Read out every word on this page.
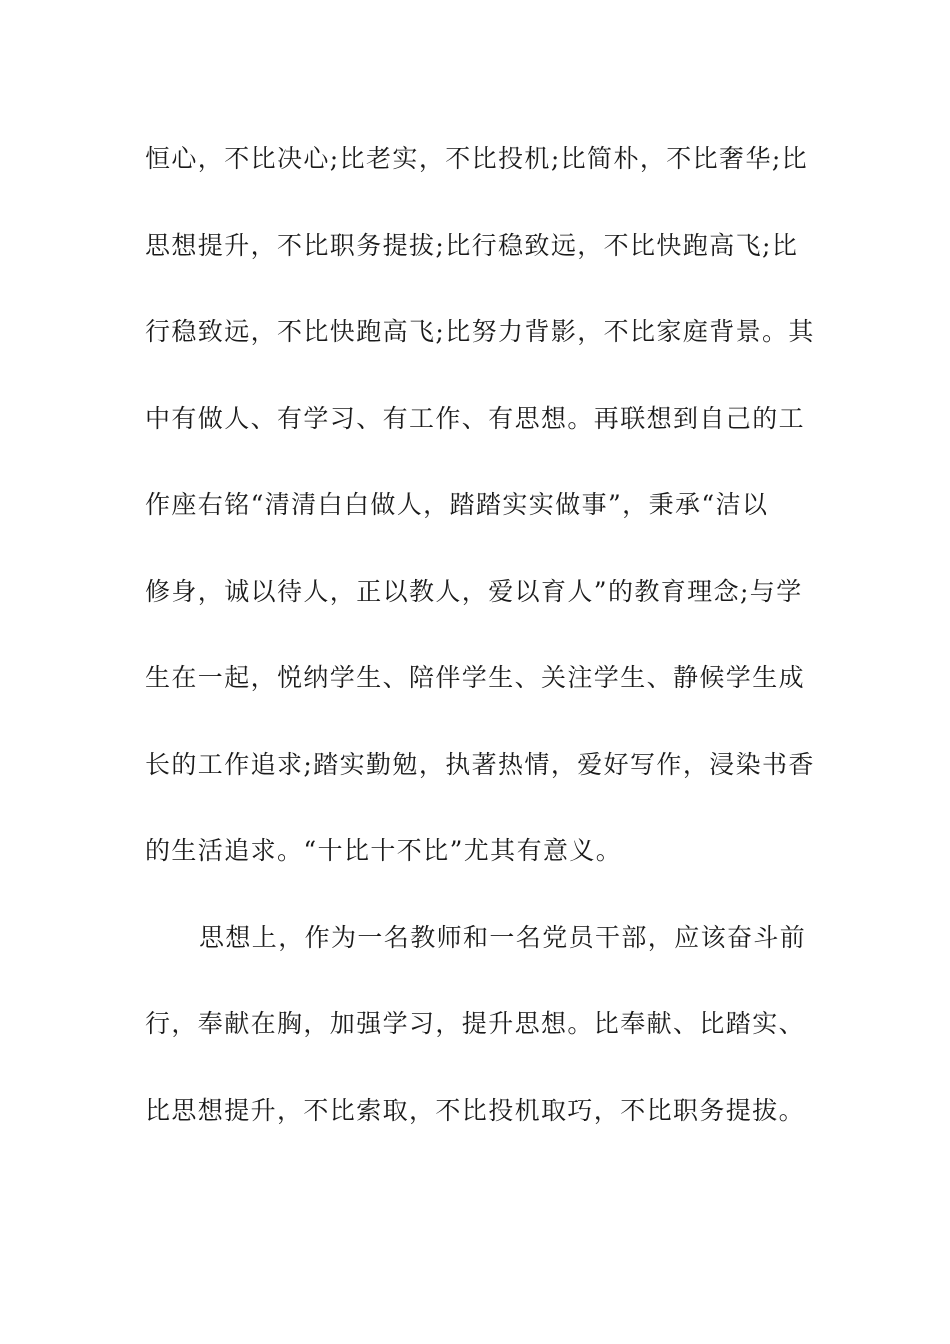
恒心，不比决心;比老实，不比投机;比简朴，不比奢华;比
思想提升，不比职务提拔;比行稳致远，不比快跑高飞;比
行稳致远，不比快跑高飞;比努力背影，不比家庭背景。其
中有做人、有学习、有工作、有思想。再联想到自己的工
作座右铭“清清白白做人，踏踏实实做事”，秉承“洁以
修身，诚以待人，正以教人，爱以育人”的教育理念;与学
生在一起，悦纳学生、陪伴学生、关注学生、静候学生成
长的工作追求;踏实勤勉，执著热情，爱好写作，浸染书香
的生活追求。“十比十不比”尤其有意义。
思想上，作为一名教师和一名党员干部，应该奋斗前
行，奉献在胸，加强学习，提升思想。比奉献、比踏实、
比思想提升，不比索取，不比投机取巧，不比职务提拔。
